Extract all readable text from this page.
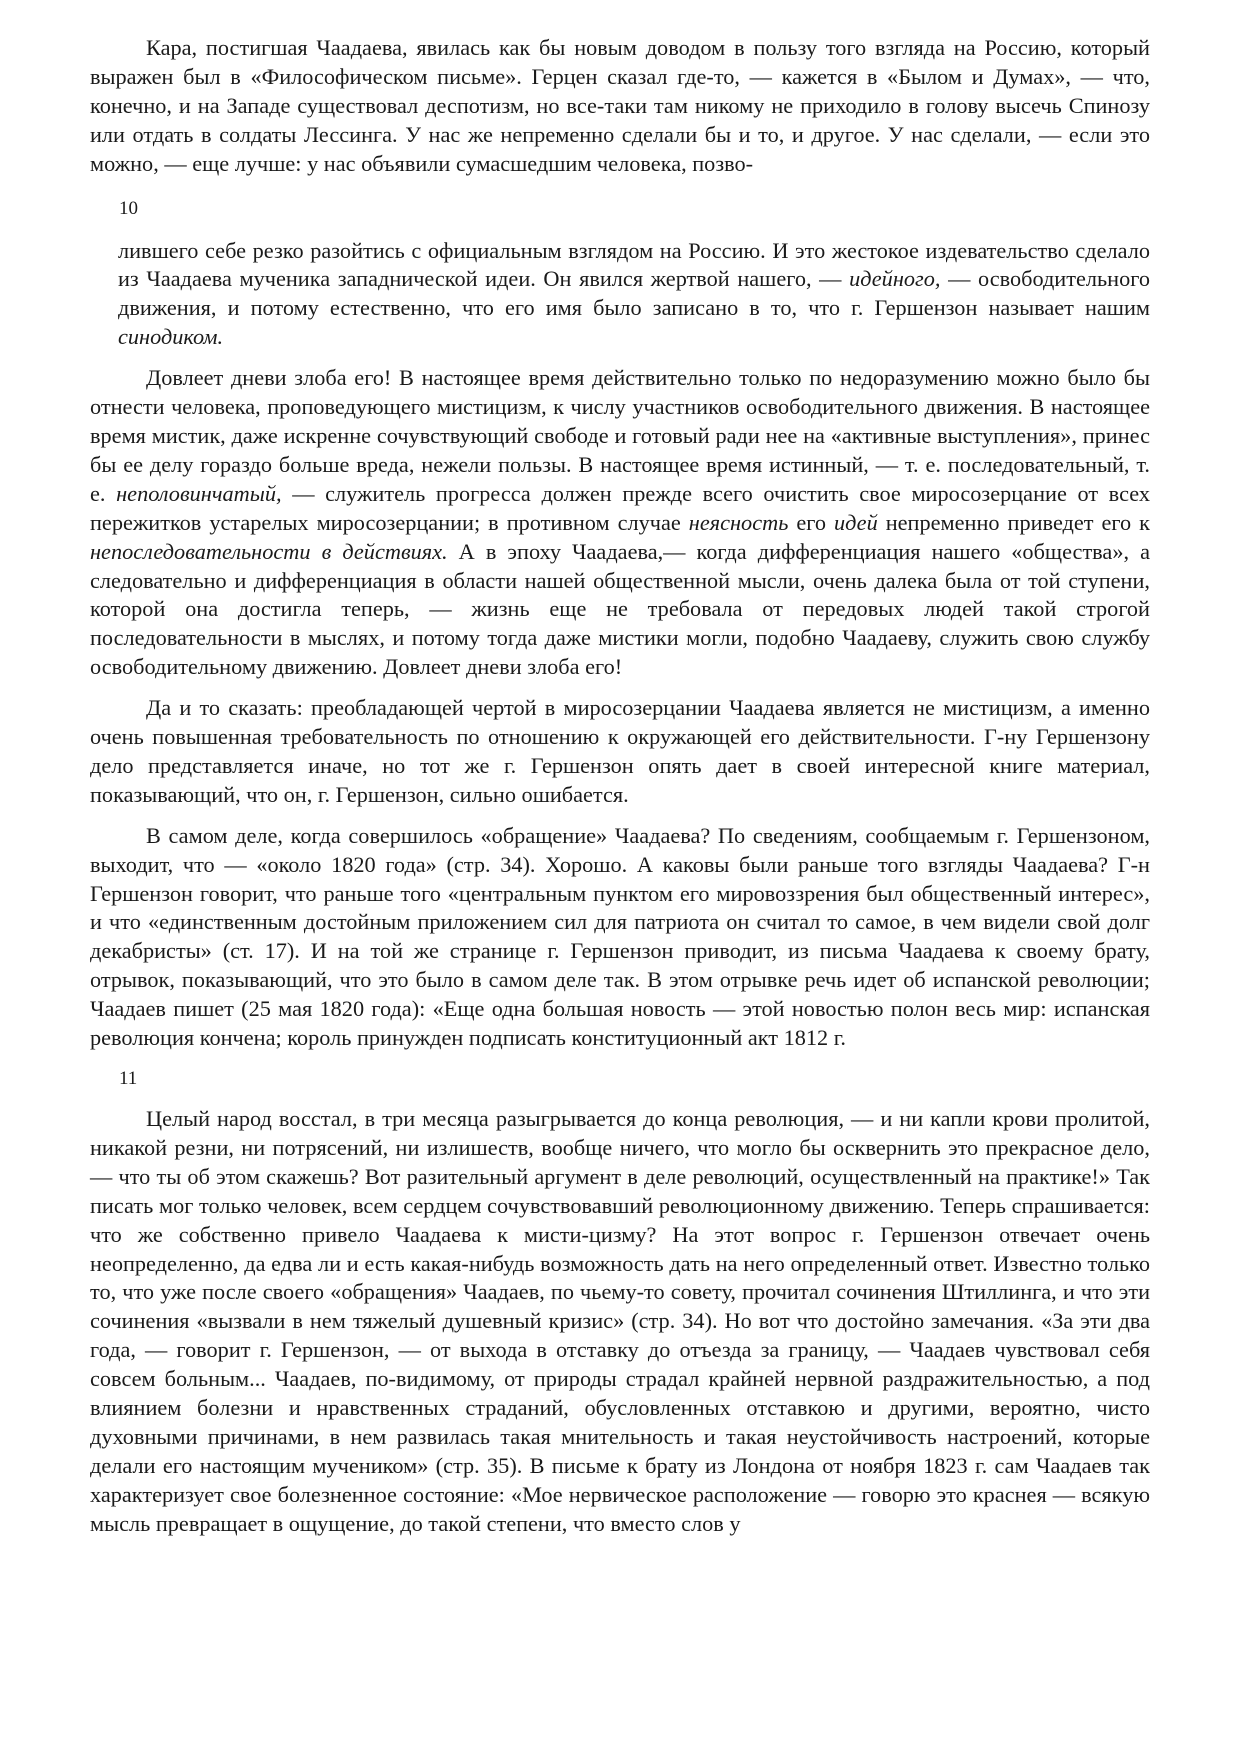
Кара, постигшая Чаадаева, явилась как бы новым доводом в пользу того взгляда на Россию, который выражен был в «Философическом письме». Герцен сказал где-то, — кажется в «Былом и Думах», — что, конечно, и на Западе существовал деспотизм, но все-таки там никому не приходило в голову высечь Спинозу или отдать в солдаты Лессинга. У нас же непременно сделали бы и то, и другое. У нас сделали, — если это можно, — еще лучше: у нас объявили сумасшедшим человека, позво-

10

лившего себе резко разойтись с официальным взглядом на Россию. И это жестокое издевательство сделало из Чаадаева мученика западнической идеи. Он явился жертвой нашего, — идейного, — освободительного движения, и потому естественно, что его имя было записано в то, что г. Гершензон называет нашим синодиком.

Довлеет дневи злоба его! В настоящее время действительно только по недоразумению можно было бы отнести человека, проповедующего мистицизм, к числу участников освободительного движения. В настоящее время мистик, даже искренне сочувствующий свободе и готовый ради нее на «активные выступления», принес бы ее делу гораздо больше вреда, нежели пользы. В настоящее время истинный, — т. е. последовательный, т. е. неполовинчатый, — служитель прогресса должен прежде всего очистить свое миросозерцание от всех пережитков устарелых миросозерцании; в противном случае неясность его идей непременно приведет его к непоследовательности в действиях. А в эпоху Чаадаева,— когда дифференциация нашего «общества», а следовательно и дифференциация в области нашей общественной мысли, очень далека была от той ступени, которой она достигла теперь, — жизнь еще не требовала от передовых людей такой строгой последовательности в мыслях, и потому тогда даже мистики могли, подобно Чаадаеву, служить свою службу освободительному движению. Довлеет дневи злоба его!

Да и то сказать: преобладающей чертой в миросозерцании Чаадаева является не мистицизм, а именно очень повышенная требовательность по отношению к окружающей его действительности. Г-ну Гершензону дело представляется иначе, но тот же г. Гершензон опять дает в своей интересной книге материал, показывающий, что он, г. Гершензон, сильно ошибается.

В самом деле, когда совершилось «обращение» Чаадаева? По сведениям, сообщаемым г. Гершензоном, выходит, что — «около 1820 года» (стр. 34). Хорошо. А каковы были раньше того взгляды Чаадаева? Г-н Гершензон говорит, что раньше того «центральным пунктом его мировоззрения был общественный интерес», и что «единственным достойным приложением сил для патриота он считал то самое, в чем видели свой долг декабристы» (ст. 17). И на той же странице г. Гершензон приводит, из письма Чаадаева к своему брату, отрывок, показывающий, что это было в самом деле так. В этом отрывке речь идет об испанской революции; Чаадаев пишет (25 мая 1820 года): «Еще одна большая новость — этой новостью полон весь мир: испанская революция кончена; король принужден подписать конституционный акт 1812 г.

11

Целый народ восстал, в три месяца разыгрывается до конца революция, — и ни капли крови пролитой, никакой резни, ни потрясений, ни излишеств, вообще ничего, что могло бы осквернить это прекрасное дело, — что ты об этом скажешь? Вот разительный аргумент в деле революций, осуществленный на практике!» Так писать мог только человек, всем сердцем сочувствовавший революционному движению. Теперь спрашивается: что же собственно привело Чаадаева к мисти-цизму? На этот вопрос г. Гершензон отвечает очень неопределенно, да едва ли и есть какая-нибудь возможность дать на него определенный ответ. Известно только то, что уже после своего «обращения» Чаадаев, по чьему-то совету, прочитал сочинения Штиллинга, и что эти сочинения «вызвали в нем тяжелый душевный кризис» (стр. 34). Но вот что достойно замечания. «За эти два года, — говорит г. Гершензон, — от выхода в отставку до отъезда за границу, — Чаадаев чувствовал себя совсем больным... Чаадаев, по-видимому, от природы страдал крайней нервной раздражительностью, а под влиянием болезни и нравственных страданий, обусловленных отставкою и другими, вероятно, чисто духовными причинами, в нем развилась такая мнительность и такая неустойчивость настроений, которые делали его настоящим мучеником» (стр. 35). В письме к брату из Лондона от ноября 1823 г. сам Чаадаев так характеризует свое болезненное состояние: «Мое нервическое расположение — говорю это краснея — всякую мысль превращает в ощущение, до такой степени, что вместо слов у
